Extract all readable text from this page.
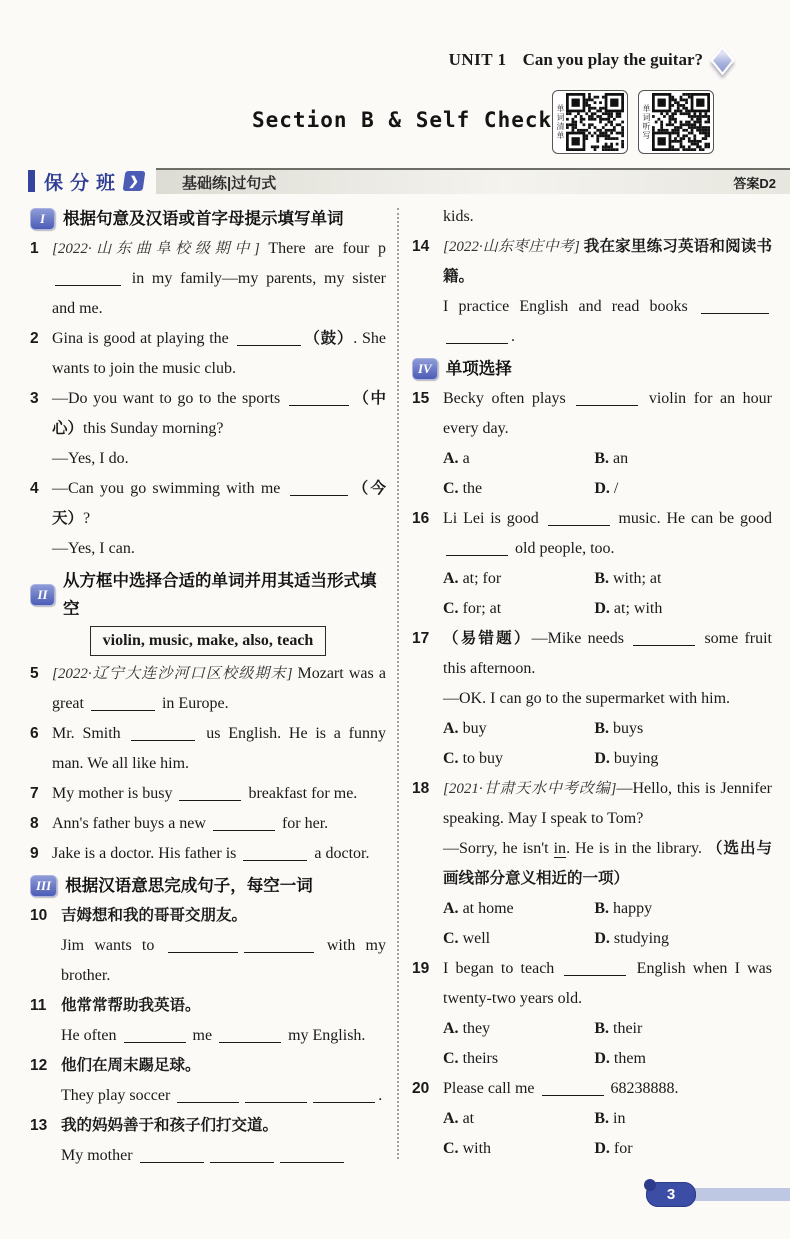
UNIT 1 Can you play the guitar?
Section B & Self Check 单词清单	单词听写
保分班 ❯	基础练|过句式	答案D2
I	根据句意及汉语或首字母提示填写单词
1 [2022·山东曲阜校级期中] There are four p in my family—my parents, my sister and me.
2 Gina is good at playing the	（鼓）. She wants to join the music club.
3 —Do you want to go to the sports	（中心）this Sunday morning?
—Yes, I do.
4 —Can you go swimming with me	（今天）?
—Yes, I can.
II
从方框中选择合适的单词并用其适当形式填空
violin, music, make, also, teach
5 [2022·辽宁大连沙河口区校级期末] Mozart was a great	in Europe.
6 Mr. Smith	us English. He is a funny man. We all like him.
7 My mother is busy	breakfast for me.
8 Ann's father buys a new	for her.
9 Jake is a doctor. His father is	a doctor.
III 根据汉语意思完成句子，每空一词
10 吉姆想和我的哥哥交朋友。
Jim wants to	with my brother.
11 他常常帮助我英语。
He often	me	my English.
12 他们在周末踢足球。
They play soccer	.
13 我的妈妈善于和孩子们打交道。
My mother
kids.
14 [2022·山东枣庄中考] 我在家里练习英语和阅读书籍。
I practice English and read books .
IV 单项选择
15 Becky often plays	violin for an hour every day.
A. a	B. an
C. the	D. /
16 Li Lei is good	music. He can be good  old people, too.
A. at; for	B. with; at
C. for; at	D. at; with
17 （易错题）—Mike needs	some fruit this afternoon.
—OK. I can go to the supermarket with him.
A. buy	B. buys
C. to buy	D. buying
18 [2021·甘肃天水中考改编]—Hello, this is Jennifer speaking. May I speak to Tom?
—Sorry, he isn't in. He is in the library. （选出与画线部分意义相近的一项）
A. at home	B. happy
C. well	D. studying
19 I began to teach	English when I was twenty-two years old.
A. they	B. their
C. theirs	D. them
20 Please call me	68238888.
A. at	B. in
C. with	D. for
3
